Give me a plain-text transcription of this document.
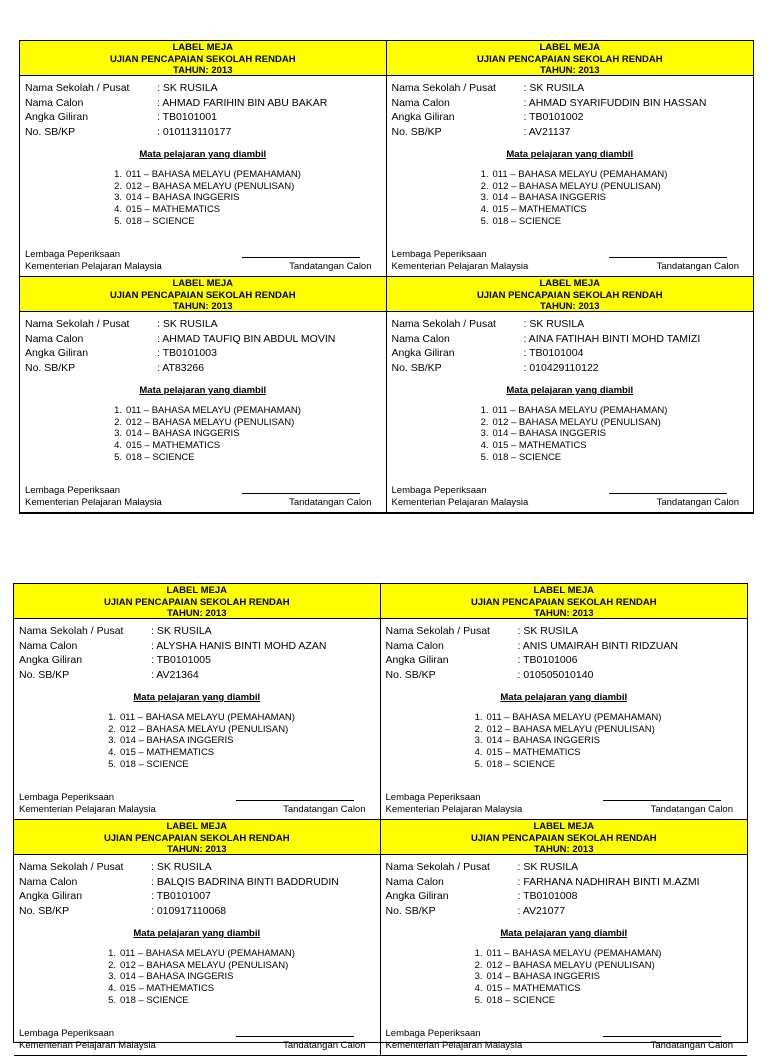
LABEL MEJA
UJIAN PENCAPAIAN SEKOLAH RENDAH
TAHUN: 2013
Nama Sekolah / Pusat	: SK RUSILA
Nama Calon	: AHMAD FARIHIN BIN ABU BAKAR
Angka Giliran	: TB0101001
No. SB/KP	: 010113110177
Mata pelajaran yang diambil
1. 011 – BAHASA MELAYU (PEMAHAMAN)
2. 012 – BAHASA MELAYU (PENULISAN)
3. 014 – BAHASA INGGERIS
4. 015 – MATHEMATICS
5. 018 – SCIENCE
Lembaga Peperiksaan
Kementerian Pelajaran Malaysia	Tandatangan Calon
LABEL MEJA
UJIAN PENCAPAIAN SEKOLAH RENDAH
TAHUN: 2013
Nama Sekolah / Pusat	: SK RUSILA
Nama Calon	: AHMAD SYARIFUDDIN BIN HASSAN
Angka Giliran	: TB0101002
No. SB/KP	: AV21137
Mata pelajaran yang diambil
1. 011 – BAHASA MELAYU (PEMAHAMAN)
2. 012 – BAHASA MELAYU (PENULISAN)
3. 014 – BAHASA INGGERIS
4. 015 – MATHEMATICS
5. 018 – SCIENCE
Lembaga Peperiksaan
Kementerian Pelajaran Malaysia	Tandatangan Calon
LABEL MEJA
UJIAN PENCAPAIAN SEKOLAH RENDAH
TAHUN: 2013
Nama Sekolah / Pusat	: SK RUSILA
Nama Calon	: AHMAD TAUFIQ BIN ABDUL MOVIN
Angka Giliran	: TB0101003
No. SB/KP	: AT83266
Mata pelajaran yang diambil
1. 011 – BAHASA MELAYU (PEMAHAMAN)
2. 012 – BAHASA MELAYU (PENULISAN)
3. 014 – BAHASA INGGERIS
4. 015 – MATHEMATICS
5. 018 – SCIENCE
Lembaga Peperiksaan
Kementerian Pelajaran Malaysia	Tandatangan Calon
LABEL MEJA
UJIAN PENCAPAIAN SEKOLAH RENDAH
TAHUN: 2013
Nama Sekolah / Pusat	: SK RUSILA
Nama Calon	: AINA FATIHAH BINTI MOHD TAMIZI
Angka Giliran	: TB0101004
No. SB/KP	: 010429110122
Mata pelajaran yang diambil
1. 011 – BAHASA MELAYU (PEMAHAMAN)
2. 012 – BAHASA MELAYU (PENULISAN)
3. 014 – BAHASA INGGERIS
4. 015 – MATHEMATICS
5. 018 – SCIENCE
Lembaga Peperiksaan
Kementerian Pelajaran Malaysia	Tandatangan Calon
LABEL MEJA
UJIAN PENCAPAIAN SEKOLAH RENDAH
TAHUN: 2013
Nama Sekolah / Pusat	: SK RUSILA
Nama Calon	: ALYSHA HANIS BINTI MOHD AZAN
Angka Giliran	: TB0101005
No. SB/KP	: AV21364
Mata pelajaran yang diambil
1. 011 – BAHASA MELAYU (PEMAHAMAN)
2. 012 – BAHASA MELAYU (PENULISAN)
3. 014 – BAHASA INGGERIS
4. 015 – MATHEMATICS
5. 018 – SCIENCE
Lembaga Peperiksaan
Kementerian Pelajaran Malaysia	Tandatangan Calon
LABEL MEJA
UJIAN PENCAPAIAN SEKOLAH RENDAH
TAHUN: 2013
Nama Sekolah / Pusat	: SK RUSILA
Nama Calon	: ANIS UMAIRAH BINTI RIDZUAN
Angka Giliran	: TB0101006
No. SB/KP	: 010505010140
Mata pelajaran yang diambil
1. 011 – BAHASA MELAYU (PEMAHAMAN)
2. 012 – BAHASA MELAYU (PENULISAN)
3. 014 – BAHASA INGGERIS
4. 015 – MATHEMATICS
5. 018 – SCIENCE
Lembaga Peperiksaan
Kementerian Pelajaran Malaysia	Tandatangan Calon
LABEL MEJA
UJIAN PENCAPAIAN SEKOLAH RENDAH
TAHUN: 2013
Nama Sekolah / Pusat	: SK RUSILA
Nama Calon	: BALQIS BADRINA BINTI BADDRUDIN
Angka Giliran	: TB0101007
No. SB/KP	: 010917110068
Mata pelajaran yang diambil
1. 011 – BAHASA MELAYU (PEMAHAMAN)
2. 012 – BAHASA MELAYU (PENULISAN)
3. 014 – BAHASA INGGERIS
4. 015 – MATHEMATICS
5. 018 – SCIENCE
Lembaga Peperiksaan
Kementerian Pelajaran Malaysia	Tandatangan Calon
LABEL MEJA
UJIAN PENCAPAIAN SEKOLAH RENDAH
TAHUN: 2013
Nama Sekolah / Pusat	: SK RUSILA
Nama Calon	: FARHANA NADHIRAH BINTI M.AZMI
Angka Giliran	: TB0101008
No. SB/KP	: AV21077
Mata pelajaran yang diambil
1. 011 – BAHASA MELAYU (PEMAHAMAN)
2. 012 – BAHASA MELAYU (PENULISAN)
3. 014 – BAHASA INGGERIS
4. 015 – MATHEMATICS
5. 018 – SCIENCE
Lembaga Peperiksaan
Kementerian Pelajaran Malaysia	Tandatangan Calon
